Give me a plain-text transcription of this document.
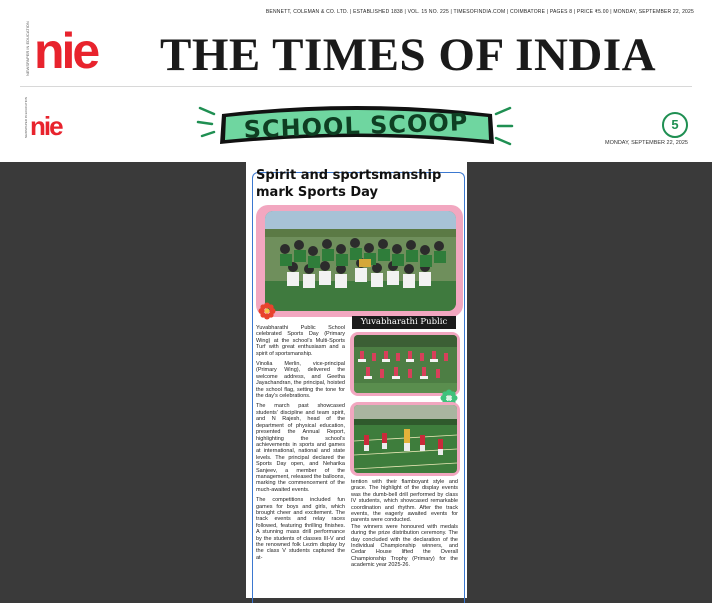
BENNETT, COLEMAN & CO. LTD. | ESTABLISHED 1838 | VOL. 15 NO. 225 | TIMESOFINDIA.COM | COIMBATORE | PAGES 8 | PRICE ₹5.00 | MONDAY, SEPTEMBER 22, 2025
NEWSPAPER IN EDUCATION nie THE TIMES OF INDIA
NEWSPAPER IN EDUCATION nie	SCHOOL SCOOP	5
MONDAY, SEPTEMBER 22, 2025
Spirit and sportsmanship mark Sports Day
Yuvabharathi Public

Yuvabharathi Public School celebrated Sports Day (Primary Wing) at the school's Multi-Sports Turf with great enthusiasm and a spirit of sportsmanship.

Vinolia Merlin, vice-principal (Primary Wing), delivered the welcome address, and Geetha Jayachandran, the principal, hoisted the school flag, setting the tone for the day's celebrations.

The march past showcased students' discipline and team spirit, and N Rajesh, head of the department of physical education, presented the Annual Report, highlighting the school's achievements in sports and games at international, national and state levels. The principal declared the Sports Day open, and Neharika Sanjeev, a member of the management, released the balloons, marking the commencement of the much-awaited events.

The competitions included fun games for boys and girls, which brought cheer and excitement. The track events and relay races followed, featuring thrilling finishes. A stunning mass drill performance by the students of classes III-V and the renowned folk Lezim display by the class V students captured the at-

tention with their flamboyant style and grace. The highlight of the display events was the dumb-bell drill performed by class IV students, which showcased remarkable coordination and rhythm. After the track events, the eagerly awaited events for parents were conducted.

The winners were honoured with medals during the prize distribution ceremony. The day concluded with the declaration of the Individual Championship winners, and Cedar House lifted the Overall Championship Trophy (Primary) for the academic year 2025-26.
